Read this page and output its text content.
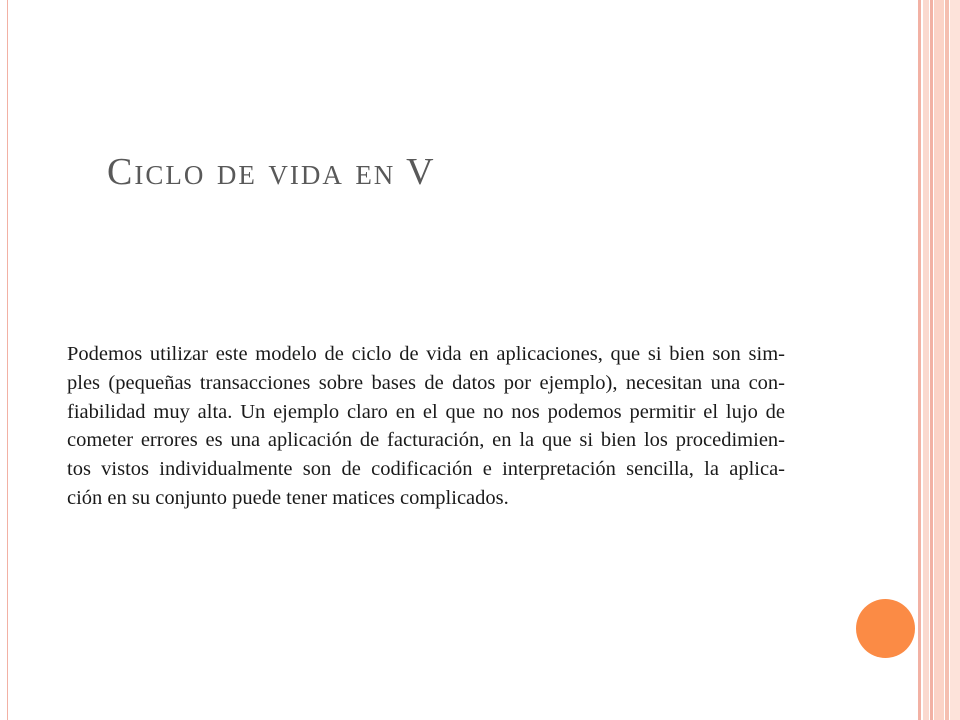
Ciclo de vida en V

Podemos utilizar este modelo de ciclo de vida en aplicaciones, que si bien son sim-
ples (pequeñas transacciones sobre bases de datos por ejemplo), necesitan una con-
fiabilidad muy alta. Un ejemplo claro en el que no nos podemos permitir el lujo de
cometer errores es una aplicación de facturación, en la que si bien los procedimien-
tos vistos individualmente son de codificación e interpretación sencilla, la aplica-
ción en su conjunto puede tener matices complicados.
